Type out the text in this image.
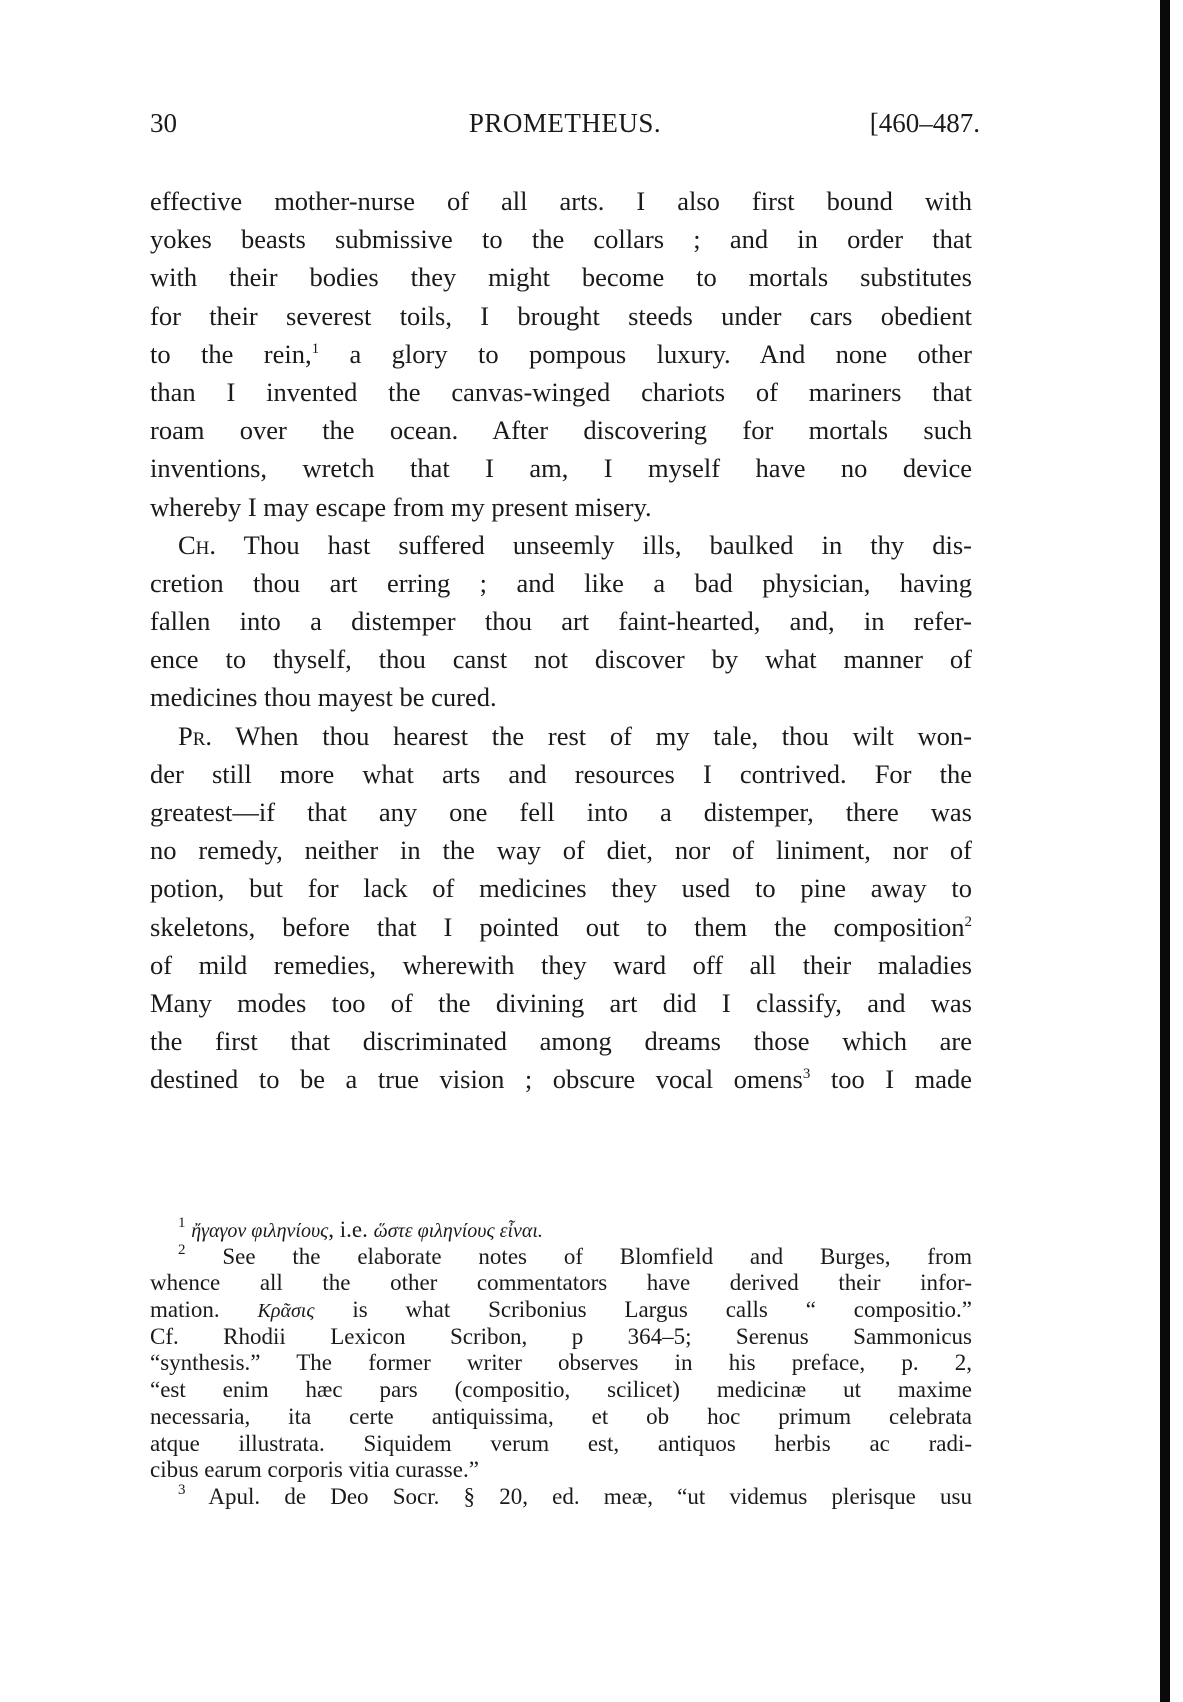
30	PROMETHEUS.	[460–487.
effective mother-nurse of all arts. I also first bound with
yokes beasts submissive to the collars ; and in order that
with their bodies they might become to mortals substitutes
for their severest toils, I brought steeds under cars obedient
to the rein,$^1$ a glory to pompous luxury. And none other
than I invented the canvas-winged chariots of mariners that
roam over the ocean. After discovering for mortals such
inventions, wretch that I am, I myself have no device
whereby I may escape from my present misery.
Ch. Thou hast suffered unseemly ills, baulked in thy dis-
cretion thou art erring ; and like a bad physician, having
fallen into a distemper thou art faint-hearted, and, in refer-
ence to thyself, thou canst not discover by what manner of
medicines thou mayest be cured.
Pr. When thou hearest the rest of my tale, thou wilt won-
der still more what arts and resources I contrived. For the
greatest—if that any one fell into a distemper, there was
no remedy, neither in the way of diet, nor of liniment, nor of
potion, but for lack of medicines they used to pine away to
skeletons, before that I pointed out to them the composition$^2$
of mild remedies, wherewith they ward off all their maladies
Many modes too of the divining art did I classify, and was
the first that discriminated among dreams those which are
destined to be a true vision ; obscure vocal omens$^3$ too I made
$^1$ ἤγαγον φιληνίους, i.e. ὥστε φιληνίους εἶναι.
$^2$ See the elaborate notes of Blomfield and Burges, from
whence all the other commentators have derived their infor-
mation. Κρᾶσις is what Scribonius Largus calls “ compositio.”
Cf. Rhodii Lexicon Scribon, p 364–5; Serenus Sammonicus
“synthesis.” The former writer observes in his preface, p. 2,
“est enim hæc pars (compositio, scilicet) medicinæ ut maxime
necessaria, ita certe antiquissima, et ob hoc primum celebrata
atque illustrata. Siquidem verum est, antiquos herbis ac radi-
cibus earum corporis vitia curasse.”
$^3$ Apul. de Deo Socr. § 20, ed. meæ, “ut videmus plerisque usu
